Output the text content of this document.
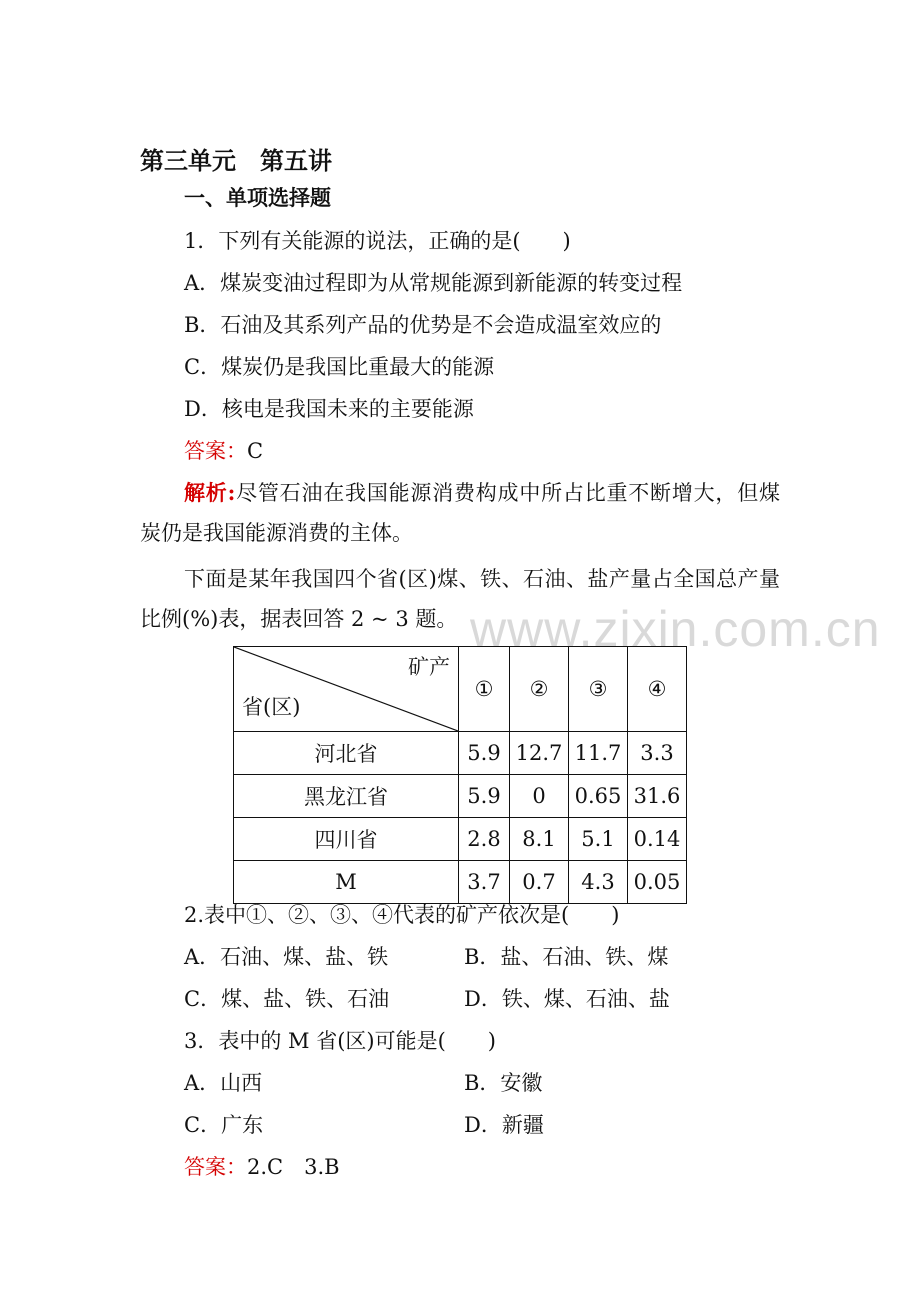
www.zixin.com.cn
第三单元　第五讲
一、单项选择题
1．下列有关能源的说法，正确的是(　　)
A．煤炭变油过程即为从常规能源到新能源的转变过程
B．石油及其系列产品的优势是不会造成温室效应的
C．煤炭仍是我国比重最大的能源
D．核电是我国未来的主要能源
答案：C
解析:尽管石油在我国能源消费构成中所占比重不断增大，但煤
炭仍是我国能源消费的主体。
下面是某年我国四个省(区)煤、铁、石油、盐产量占全国总产量
比例(%)表，据表回答 2 ~ 3 题。
矿产
省(区)	①	②	③	④
河北省	5.9	12.7	11.7	3.3
黑龙江省	5.9	0	0.65	31.6
四川省	2.8	8.1	5.1	0.14
M	3.7	0.7	4.3	0.05
2.表中①、②、③、④代表的矿产依次是(　　)
A．石油、煤、盐、铁	B．盐、石油、铁、煤
C．煤、盐、铁、石油	D．铁、煤、石油、盐
3．表中的 M 省(区)可能是(　　)
A．山西	B．安徽
C．广东	D．新疆
答案：2.C　3.B
